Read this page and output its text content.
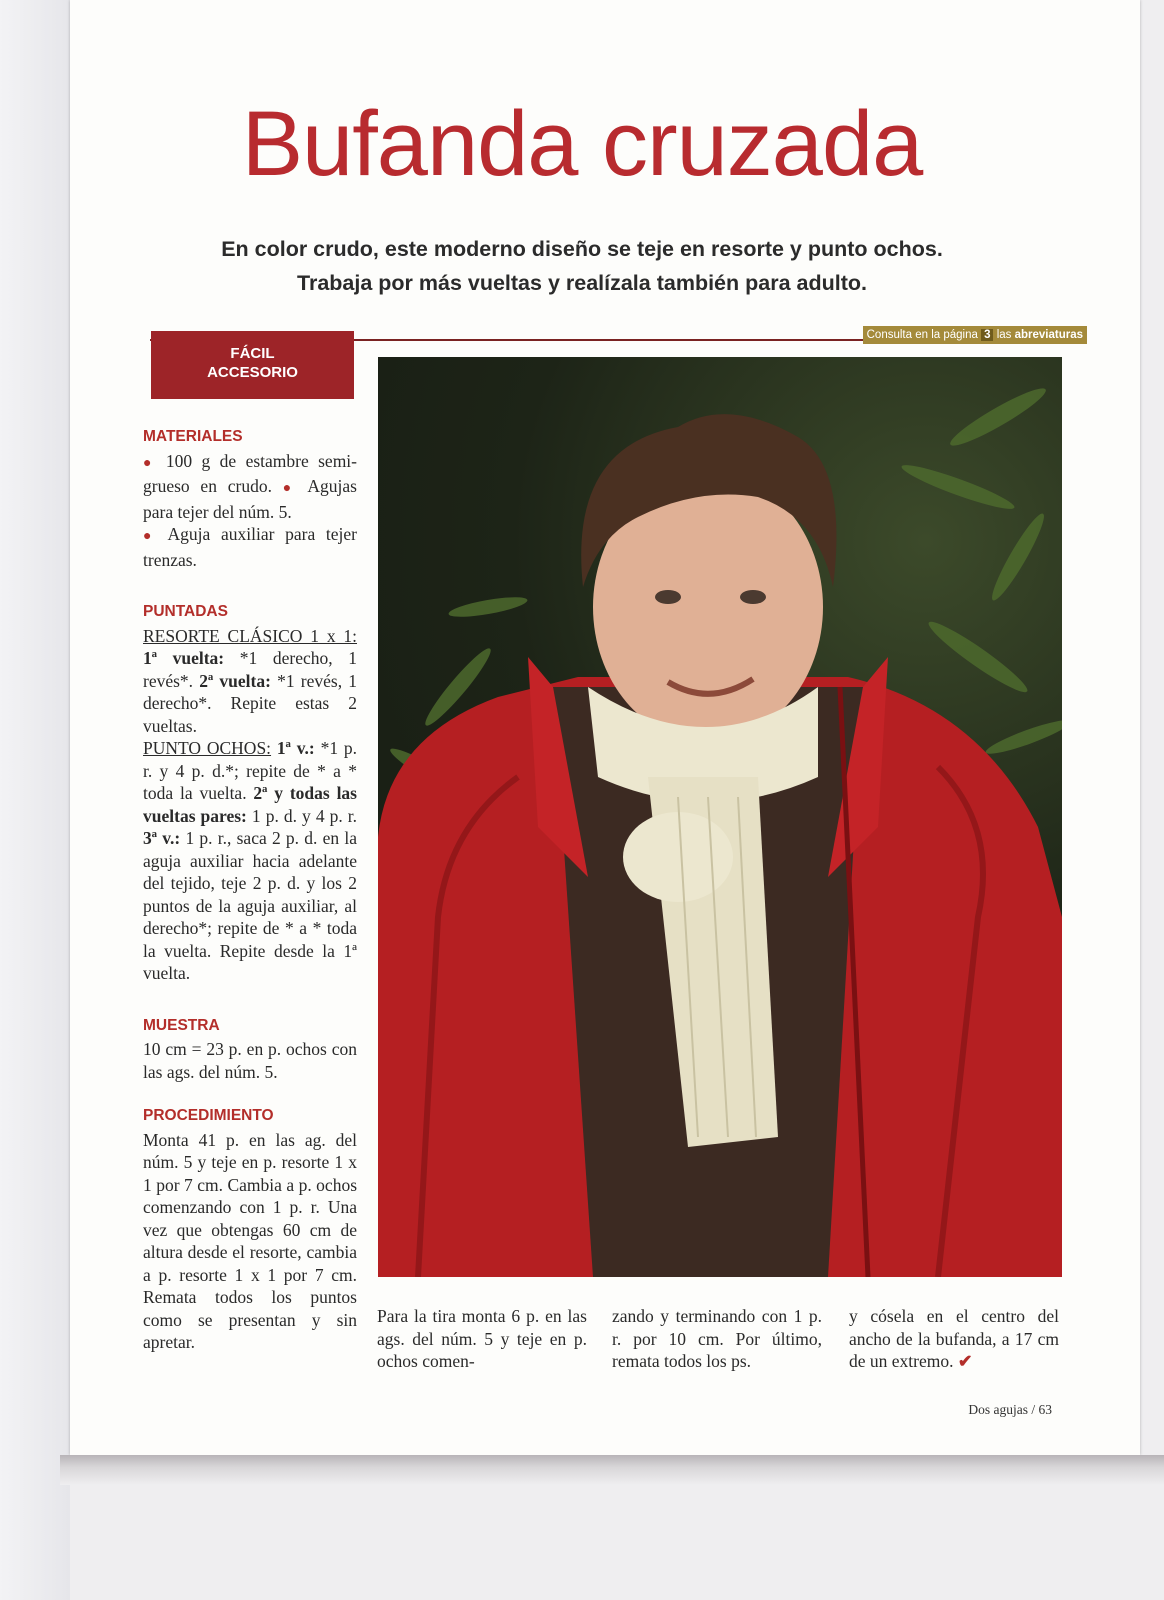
Bufanda cruzada
En color crudo, este moderno diseño se teje en resorte y punto ochos.
Trabaja por más vueltas y realízala también para adulto.
Consulta en la página 3 las abreviaturas
FÁCIL
ACCESORIO
MATERIALES

● 100 g de estambre semi-grueso en crudo. ● Agujas para tejer del núm. 5.
● Aguja auxiliar para tejer trenzas.

PUNTADAS

RESORTE CLÁSICO 1 x 1: 1ª vuelta: *1 derecho, 1 revés*. 2ª vuelta: *1 revés, 1 derecho*. Repite estas 2 vueltas.

PUNTO OCHOS: 1ª v.: *1 p. r. y 4 p. d.*; repite de * a * toda la vuelta. 2ª y todas las vueltas pares: 1 p. d. y 4 p. r. 3ª v.: 1 p. r., saca 2 p. d. en la aguja auxiliar hacia adelante del tejido, teje 2 p. d. y los 2 puntos de la aguja auxiliar, al derecho*; repite de * a * toda la vuelta. Repite desde la 1ª vuelta.

MUESTRA

10 cm = 23 p. en p. ochos con las ags. del núm. 5.

PROCEDIMIENTO

Monta 41 p. en las ag. del núm. 5 y teje en p. resorte 1 x 1 por 7 cm. Cambia a p. ochos comenzando con 1 p. r. Una vez que obtengas 60 cm de altura desde el resorte, cambia a p. resorte 1 x 1 por 7 cm. Remata todos los puntos como se presentan y sin apretar.

Para la tira monta 6 p. en las ags. del núm. 5 y teje en p. ochos comen-
zando y terminando con 1 p. r. por 10 cm. Por último, remata todos los ps.
y cósela en el centro del ancho de la bufanda, a 17 cm de un extremo. ✔
Dos agujas / 63
